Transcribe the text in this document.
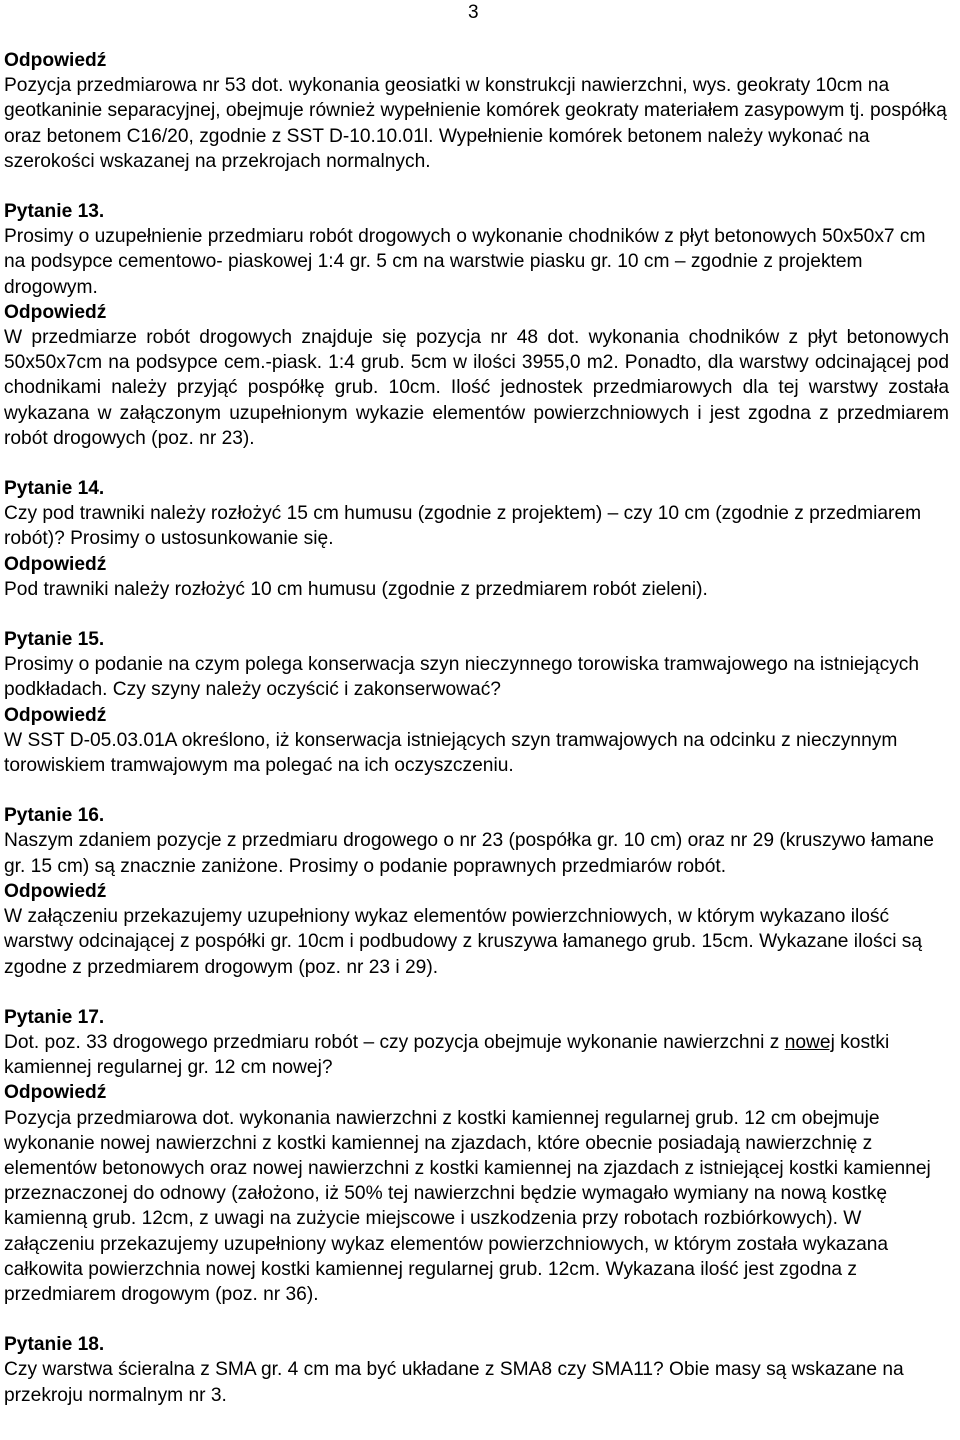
3

Odpowiedź

Pozycja przedmiarowa nr 53 dot. wykonania geosiatki w konstrukcji nawierzchni, wys. geokraty 10cm na geotkaninie separacyjnej, obejmuje również wypełnienie komórek geokraty materiałem zasypowym tj. pospółką oraz betonem C16/20, zgodnie z SST D-10.10.01l. Wypełnienie komórek betonem należy wykonać na szerokości wskazanej na przekrojach normalnych.

Pytanie 13.

Prosimy o uzupełnienie przedmiaru robót drogowych o wykonanie chodników z płyt betonowych 50x50x7 cm na podsypce cementowo- piaskowej 1:4 gr. 5 cm na warstwie piasku gr. 10 cm – zgodnie z projektem drogowym.

Odpowiedź

W przedmiarze robót drogowych znajduje się pozycja nr 48 dot. wykonania chodników z płyt betonowych 50x50x7cm na podsypce cem.-piask. 1:4 grub. 5cm w ilości 3955,0 m2. Ponadto, dla warstwy odcinającej pod chodnikami należy przyjąć pospółkę grub. 10cm. Ilość jednostek przedmiarowych dla tej warstwy została wykazana w załączonym uzupełnionym wykazie elementów powierzchniowych i jest zgodna z przedmiarem robót drogowych (poz. nr 23).

Pytanie 14.

Czy pod trawniki należy rozłożyć 15 cm humusu (zgodnie z projektem) – czy 10 cm (zgodnie z przedmiarem robót)? Prosimy o ustosunkowanie się.

Odpowiedź

Pod trawniki należy rozłożyć 10 cm humusu (zgodnie z przedmiarem robót zieleni).

Pytanie 15.

Prosimy o podanie na czym polega konserwacja szyn nieczynnego torowiska tramwajowego na istniejących podkładach. Czy szyny należy oczyścić i zakonserwować?

Odpowiedź

W SST D-05.03.01A określono, iż konserwacja istniejących szyn tramwajowych na odcinku z nieczynnym torowiskiem tramwajowym ma polegać na ich oczyszczeniu.

Pytanie 16.

Naszym zdaniem pozycje z przedmiaru drogowego o nr 23 (pospółka gr. 10 cm) oraz nr 29 (kruszywo łamane gr. 15 cm) są znacznie zaniżone. Prosimy o podanie poprawnych przedmiarów robót.

Odpowiedź

W załączeniu przekazujemy uzupełniony wykaz elementów powierzchniowych, w którym wykazano ilość warstwy odcinającej z pospółki gr. 10cm i podbudowy z kruszywa łamanego grub. 15cm. Wykazane ilości są zgodne z przedmiarem drogowym (poz. nr 23 i 29).

Pytanie 17.

Dot. poz. 33 drogowego przedmiaru robót – czy pozycja obejmuje wykonanie nawierzchni z nowej kostki kamiennej regularnej gr. 12 cm nowej?

Odpowiedź

Pozycja przedmiarowa dot. wykonania nawierzchni z kostki kamiennej regularnej grub. 12 cm obejmuje wykonanie nowej nawierzchni z kostki kamiennej na zjazdach, które obecnie posiadają nawierzchnię z elementów betonowych oraz nowej nawierzchni z kostki kamiennej na zjazdach z istniejącej kostki kamiennej przeznaczonej do odnowy (założono, iż 50% tej nawierzchni będzie wymagało wymiany na nową kostkę kamienną grub. 12cm, z uwagi na zużycie miejscowe i uszkodzenia przy robotach rozbiórkowych). W załączeniu przekazujemy uzupełniony wykaz elementów powierzchniowych, w którym została wykazana całkowita powierzchnia nowej kostki kamiennej regularnej grub. 12cm. Wykazana ilość jest zgodna z przedmiarem drogowym (poz. nr 36).

Pytanie 18.

Czy warstwa ścieralna z SMA gr. 4 cm ma być układane z SMA8 czy SMA11? Obie masy są wskazane na przekroju normalnym nr 3.
